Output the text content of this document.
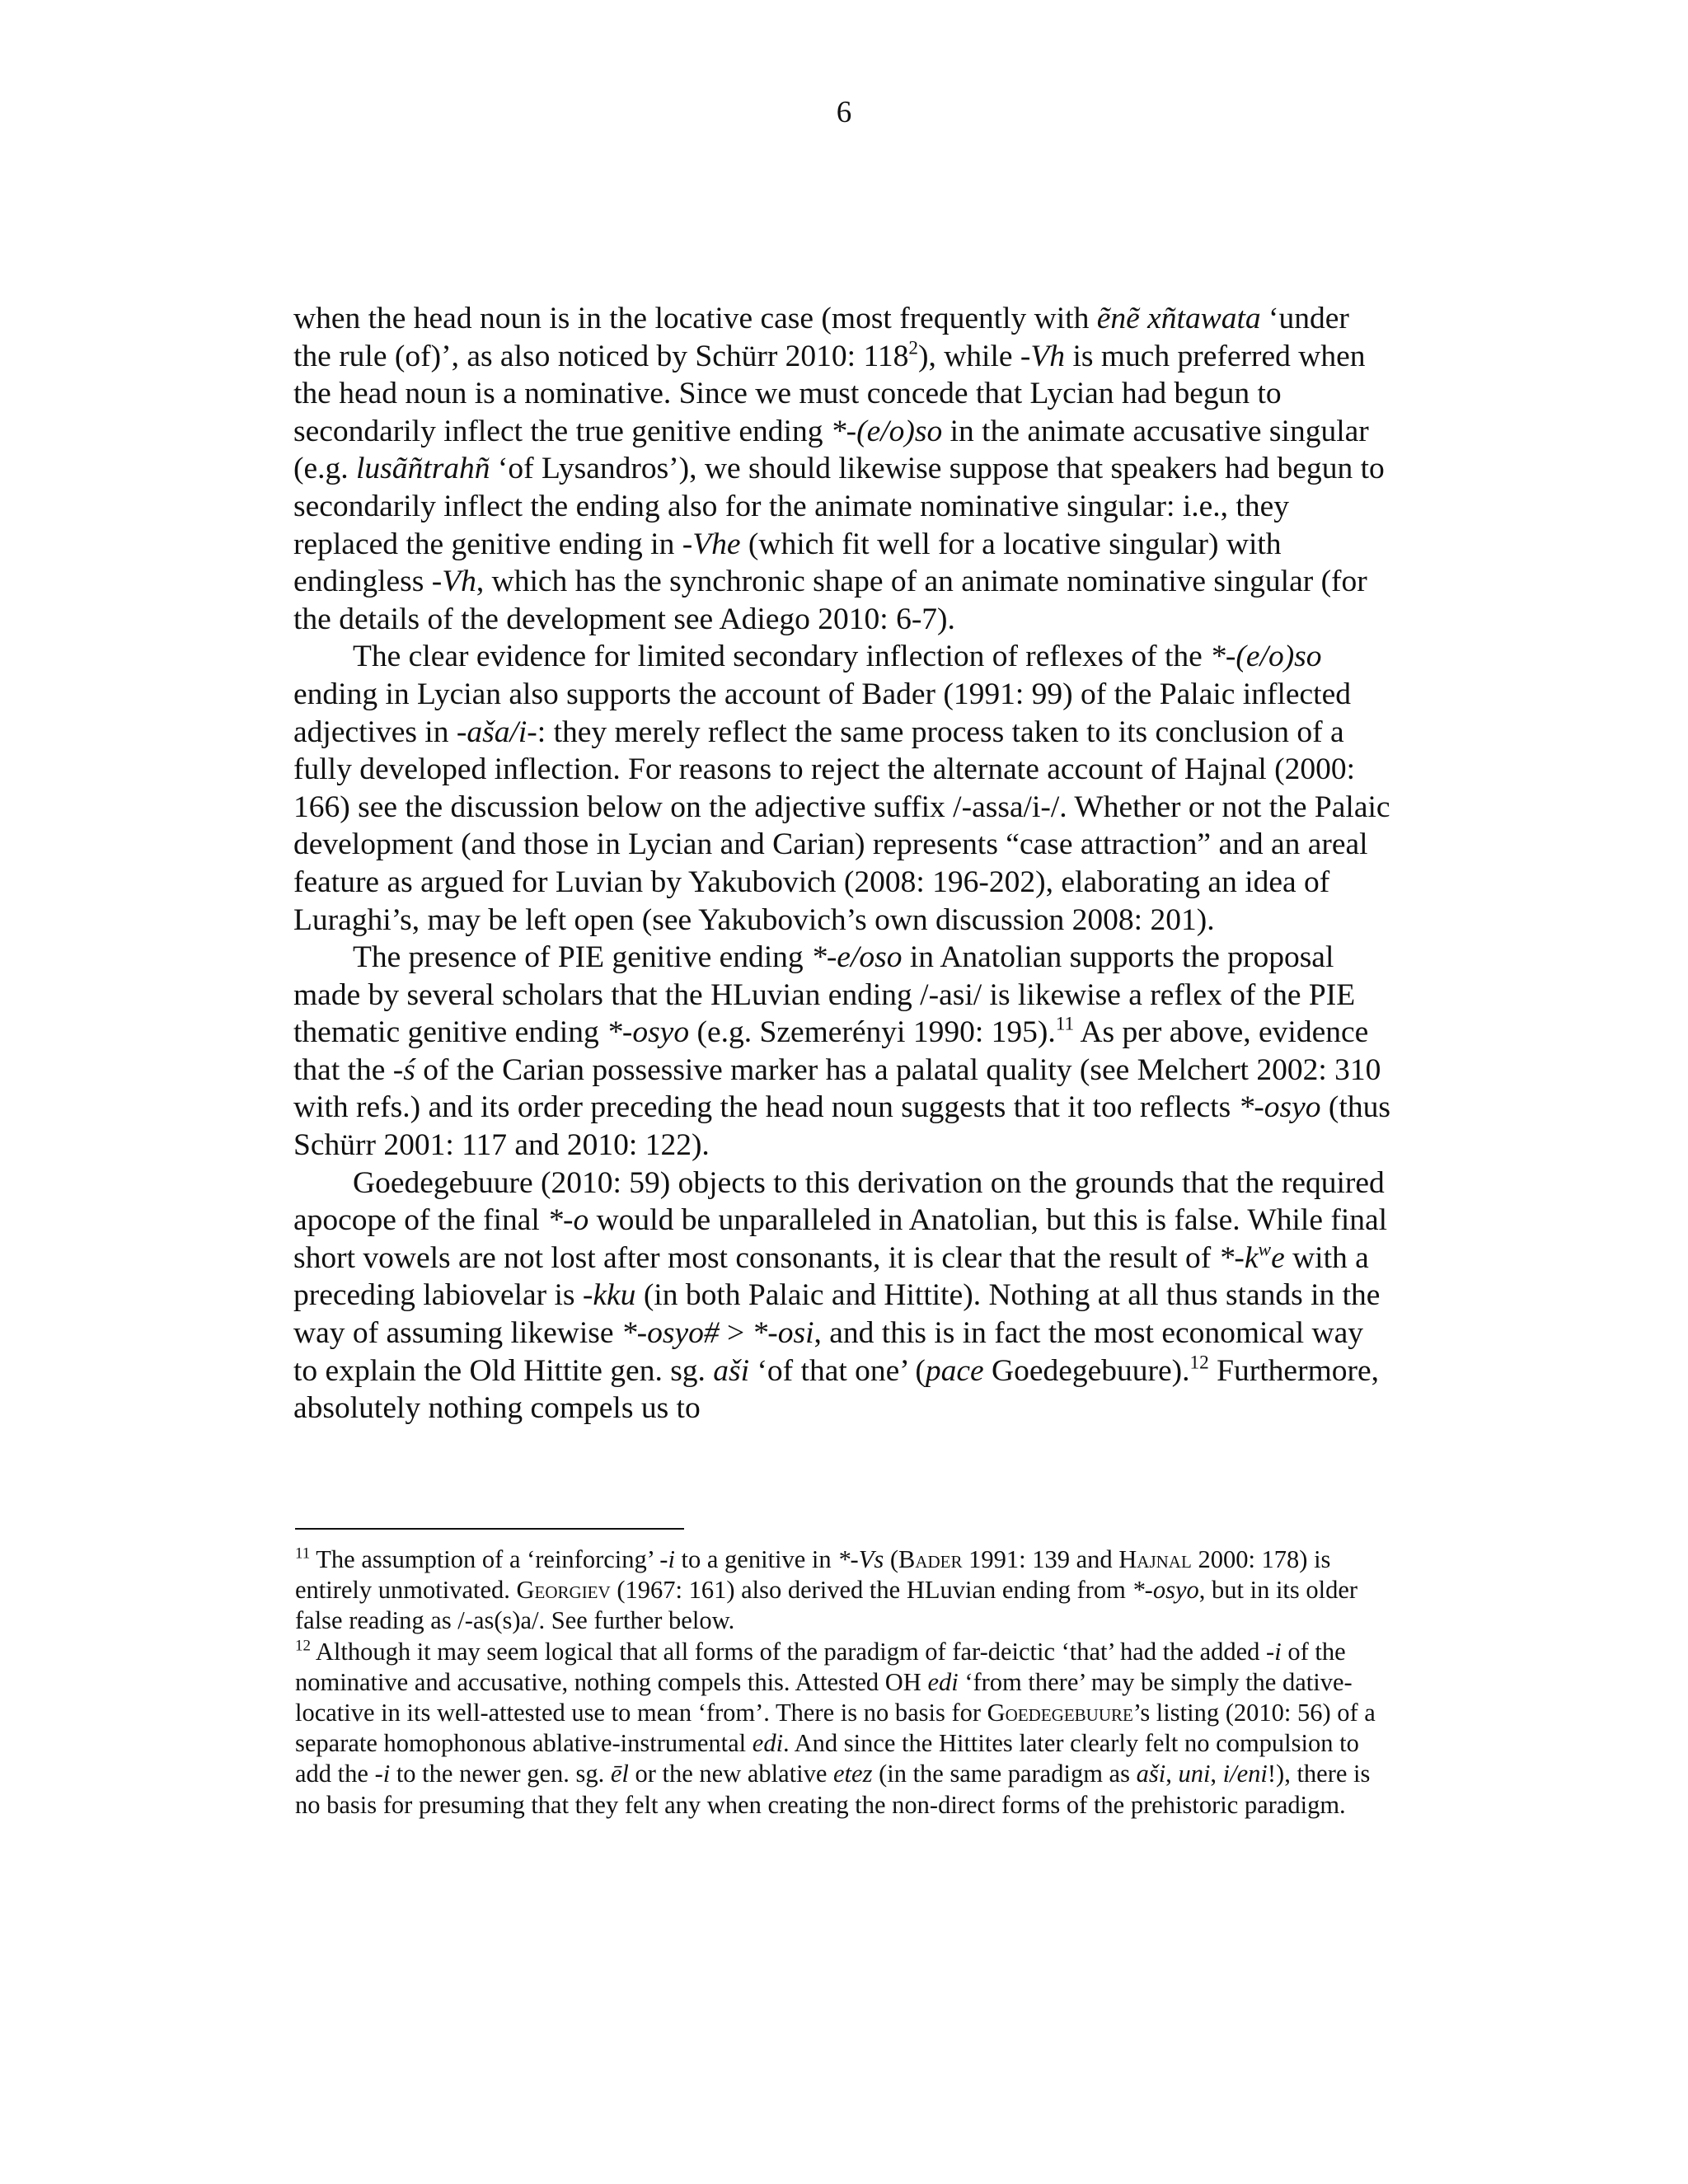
6

when the head noun is in the locative case (most frequently with ẽnẽ xñtawata ‘under the rule (of)’, as also noticed by Schürr 2010: $118^2$), while -Vh is much preferred when the head noun is a nominative. Since we must concede that Lycian had begun to secondarily inflect the true genitive ending *-(e/o)so in the animate accusative singular (e.g. lusãñtrahñ ‘of Lysandros’), we should likewise suppose that speakers had begun to secondarily inflect the ending also for the animate nominative singular: i.e., they replaced the genitive ending in -Vhe (which fit well for a locative singular) with endingless -Vh, which has the synchronic shape of an animate nominative singular (for the details of the development see Adiego 2010: 6-7).

The clear evidence for limited secondary inflection of reflexes of the *-(e/o)so ending in Lycian also supports the account of Bader (1991: 99) of the Palaic inflected adjectives in -aša/i-: they merely reflect the same process taken to its conclusion of a fully developed inflection. For reasons to reject the alternate account of Hajnal (2000: 166) see the discussion below on the adjective suffix /-assa/i-/. Whether or not the Palaic development (and those in Lycian and Carian) represents “case attraction” and an areal feature as argued for Luvian by Yakubovich (2008: 196-202), elaborating an idea of Luraghi’s, may be left open (see Yakubovich’s own discussion 2008: 201).

The presence of PIE genitive ending *-e/oso in Anatolian supports the proposal made by several scholars that the HLuvian ending /-asi/ is likewise a reflex of the PIE thematic genitive ending *-osyo (e.g. Szemerényi 1990: 195).$^{11}$ As per above, evidence that the -ś of the Carian possessive marker has a palatal quality (see Melchert 2002: 310 with refs.) and its order preceding the head noun suggests that it too reflects *-osyo (thus Schürr 2001: 117 and 2010: 122).

Goedegebuure (2010: 59) objects to this derivation on the grounds that the required apocope of the final *-o would be unparalleled in Anatolian, but this is false. While final short vowels are not lost after most consonants, it is clear that the result of $*-k^we$ with a preceding labiovelar is -kku (in both Palaic and Hittite). Nothing at all thus stands in the way of assuming likewise *-osyo# > *-osi, and this is in fact the most economical way to explain the Old Hittite gen. sg. aši ‘of that one’ (pace Goedegebuure).$^{12}$ Furthermore, absolutely nothing compels us to

$^{11}$ The assumption of a ‘reinforcing’ -i to a genitive in *-Vs (Bader 1991: 139 and Hajnal 2000: 178) is entirely unmotivated. Georgiev (1967: 161) also derived the HLuvian ending from *-osyo, but in its older false reading as /-as(s)a/. See further below.

$^{12}$ Although it may seem logical that all forms of the paradigm of far-deictic ‘that’ had the added -i of the nominative and accusative, nothing compels this. Attested OH edi ‘from there’ may be simply the dative-locative in its well-attested use to mean ‘from’. There is no basis for Goedegebuure’s listing (2010: 56) of a separate homophonous ablative-instrumental edi. And since the Hittites later clearly felt no compulsion to add the -i to the newer gen. sg. ēl or the new ablative etez (in the same paradigm as aši, uni, i/eni!), there is no basis for presuming that they felt any when creating the non-direct forms of the prehistoric paradigm.
